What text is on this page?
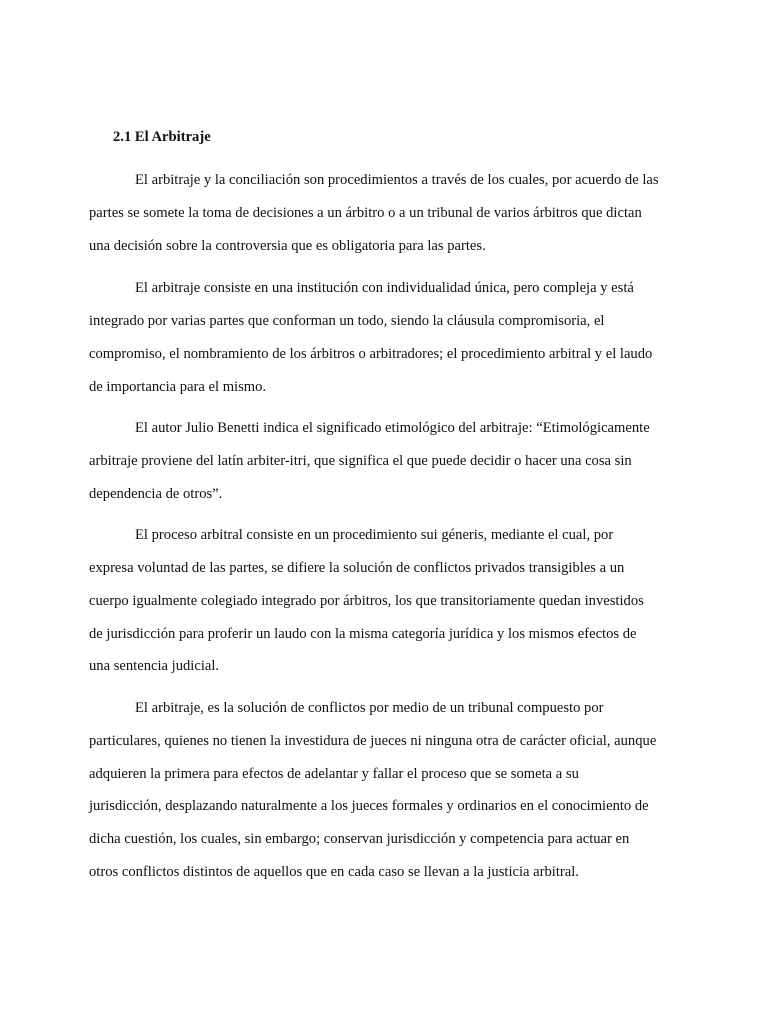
2.1 El Arbitraje

El arbitraje y la conciliación son procedimientos a través de los cuales, por acuerdo de las

partes se somete la toma de decisiones a un árbitro o a un tribunal de varios árbitros que dictan

una decisión sobre la controversia que es obligatoria para las partes.

El arbitraje consiste en una institución con individualidad única, pero compleja y está

integrado por varias partes que conforman un todo, siendo la cláusula compromisoria, el

compromiso, el nombramiento de los árbitros o arbitradores; el procedimiento arbitral y el laudo

de importancia para el mismo.

El autor Julio Benetti indica el significado etimológico del arbitraje: “Etimológicamente

arbitraje proviene del latín arbiter-itri, que significa el que puede decidir o hacer una cosa sin

dependencia de otros”.

El proceso arbitral consiste en un procedimiento sui géneris, mediante el cual, por

expresa voluntad de las partes, se difiere la solución de conflictos privados transigibles a un

cuerpo igualmente colegiado integrado por árbitros, los que transitoriamente quedan investidos

de jurisdicción para proferir un laudo con la misma categoría jurídica y los mismos efectos de

una sentencia judicial.

El arbitraje, es la solución de conflictos por medio de un tribunal compuesto por

particulares, quienes no tienen la investidura de jueces ni ninguna otra de carácter oficial, aunque

adquieren la primera para efectos de adelantar y fallar el proceso que se someta a su

jurisdicción, desplazando naturalmente a los jueces formales y ordinarios en el conocimiento de

dicha cuestión, los cuales, sin embargo; conservan jurisdicción y competencia para actuar en

otros conflictos distintos de aquellos que en cada caso se llevan a la justicia arbitral.
